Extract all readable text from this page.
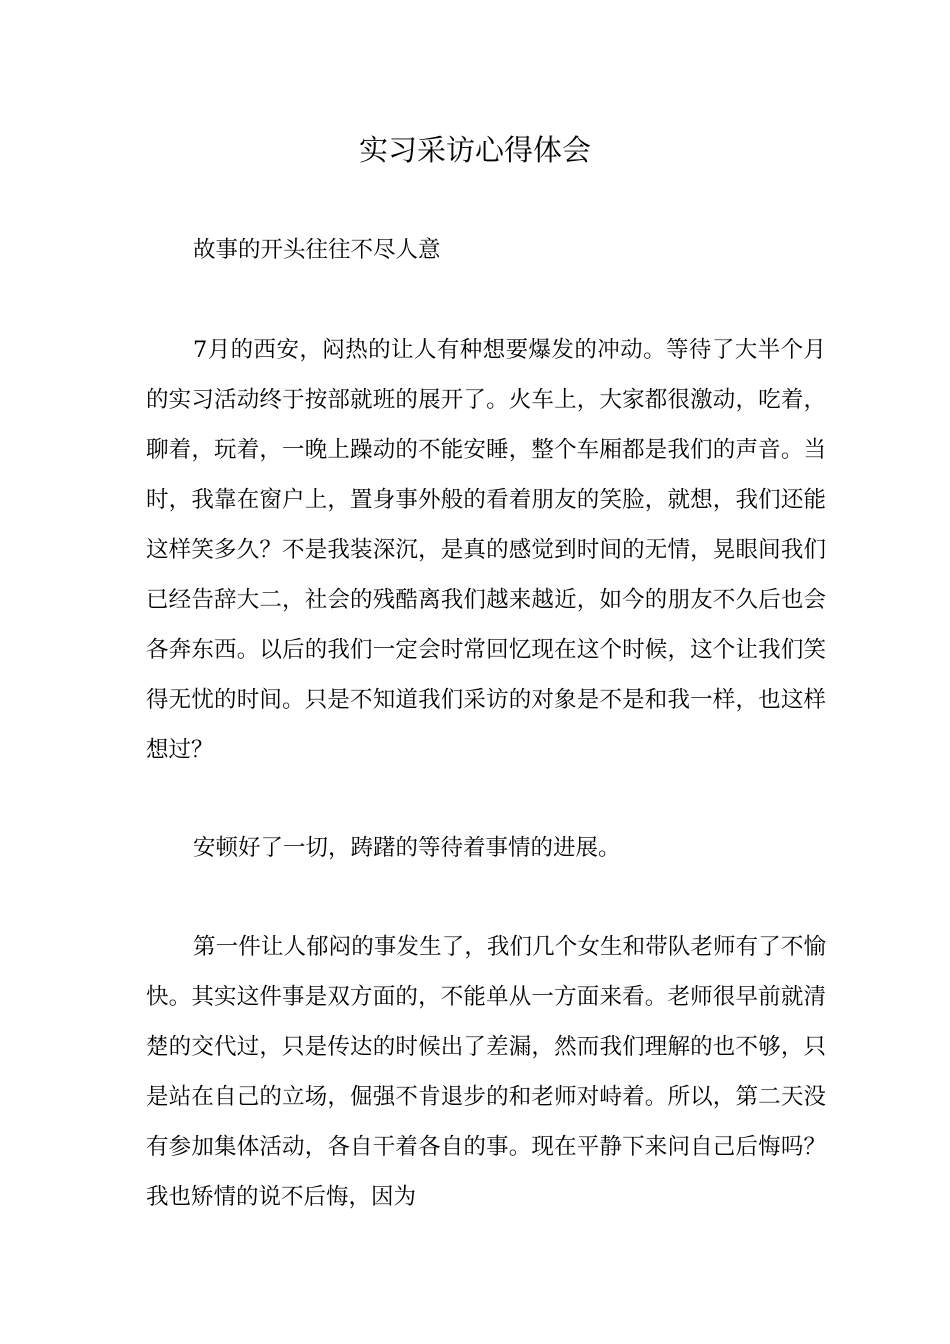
实习采访心得体会

故事的开头往往不尽人意

7月的西安，闷热的让人有种想要爆发的冲动。等待了大半个月的实习活动终于按部就班的展开了。火车上，大家都很激动，吃着，聊着，玩着，一晚上躁动的不能安睡，整个车厢都是我们的声音。当时，我靠在窗户上，置身事外般的看着朋友的笑脸，就想，我们还能这样笑多久？不是我装深沉，是真的感觉到时间的无情，晃眼间我们已经告辞大二，社会的残酷离我们越来越近，如今的朋友不久后也会各奔东西。以后的我们一定会时常回忆现在这个时候，这个让我们笑得无忧的时间。只是不知道我们采访的对象是不是和我一样，也这样想过？

安顿好了一切，踌躇的等待着事情的进展。

第一件让人郁闷的事发生了，我们几个女生和带队老师有了不愉快。其实这件事是双方面的，不能单从一方面来看。老师很早前就清楚的交代过，只是传达的时候出了差漏，然而我们理解的也不够，只是站在自己的立场，倔强不肯退步的和老师对峙着。所以，第二天没有参加集体活动，各自干着各自的事。现在平静下来问自己后悔吗？我也矫情的说不后悔，因为
